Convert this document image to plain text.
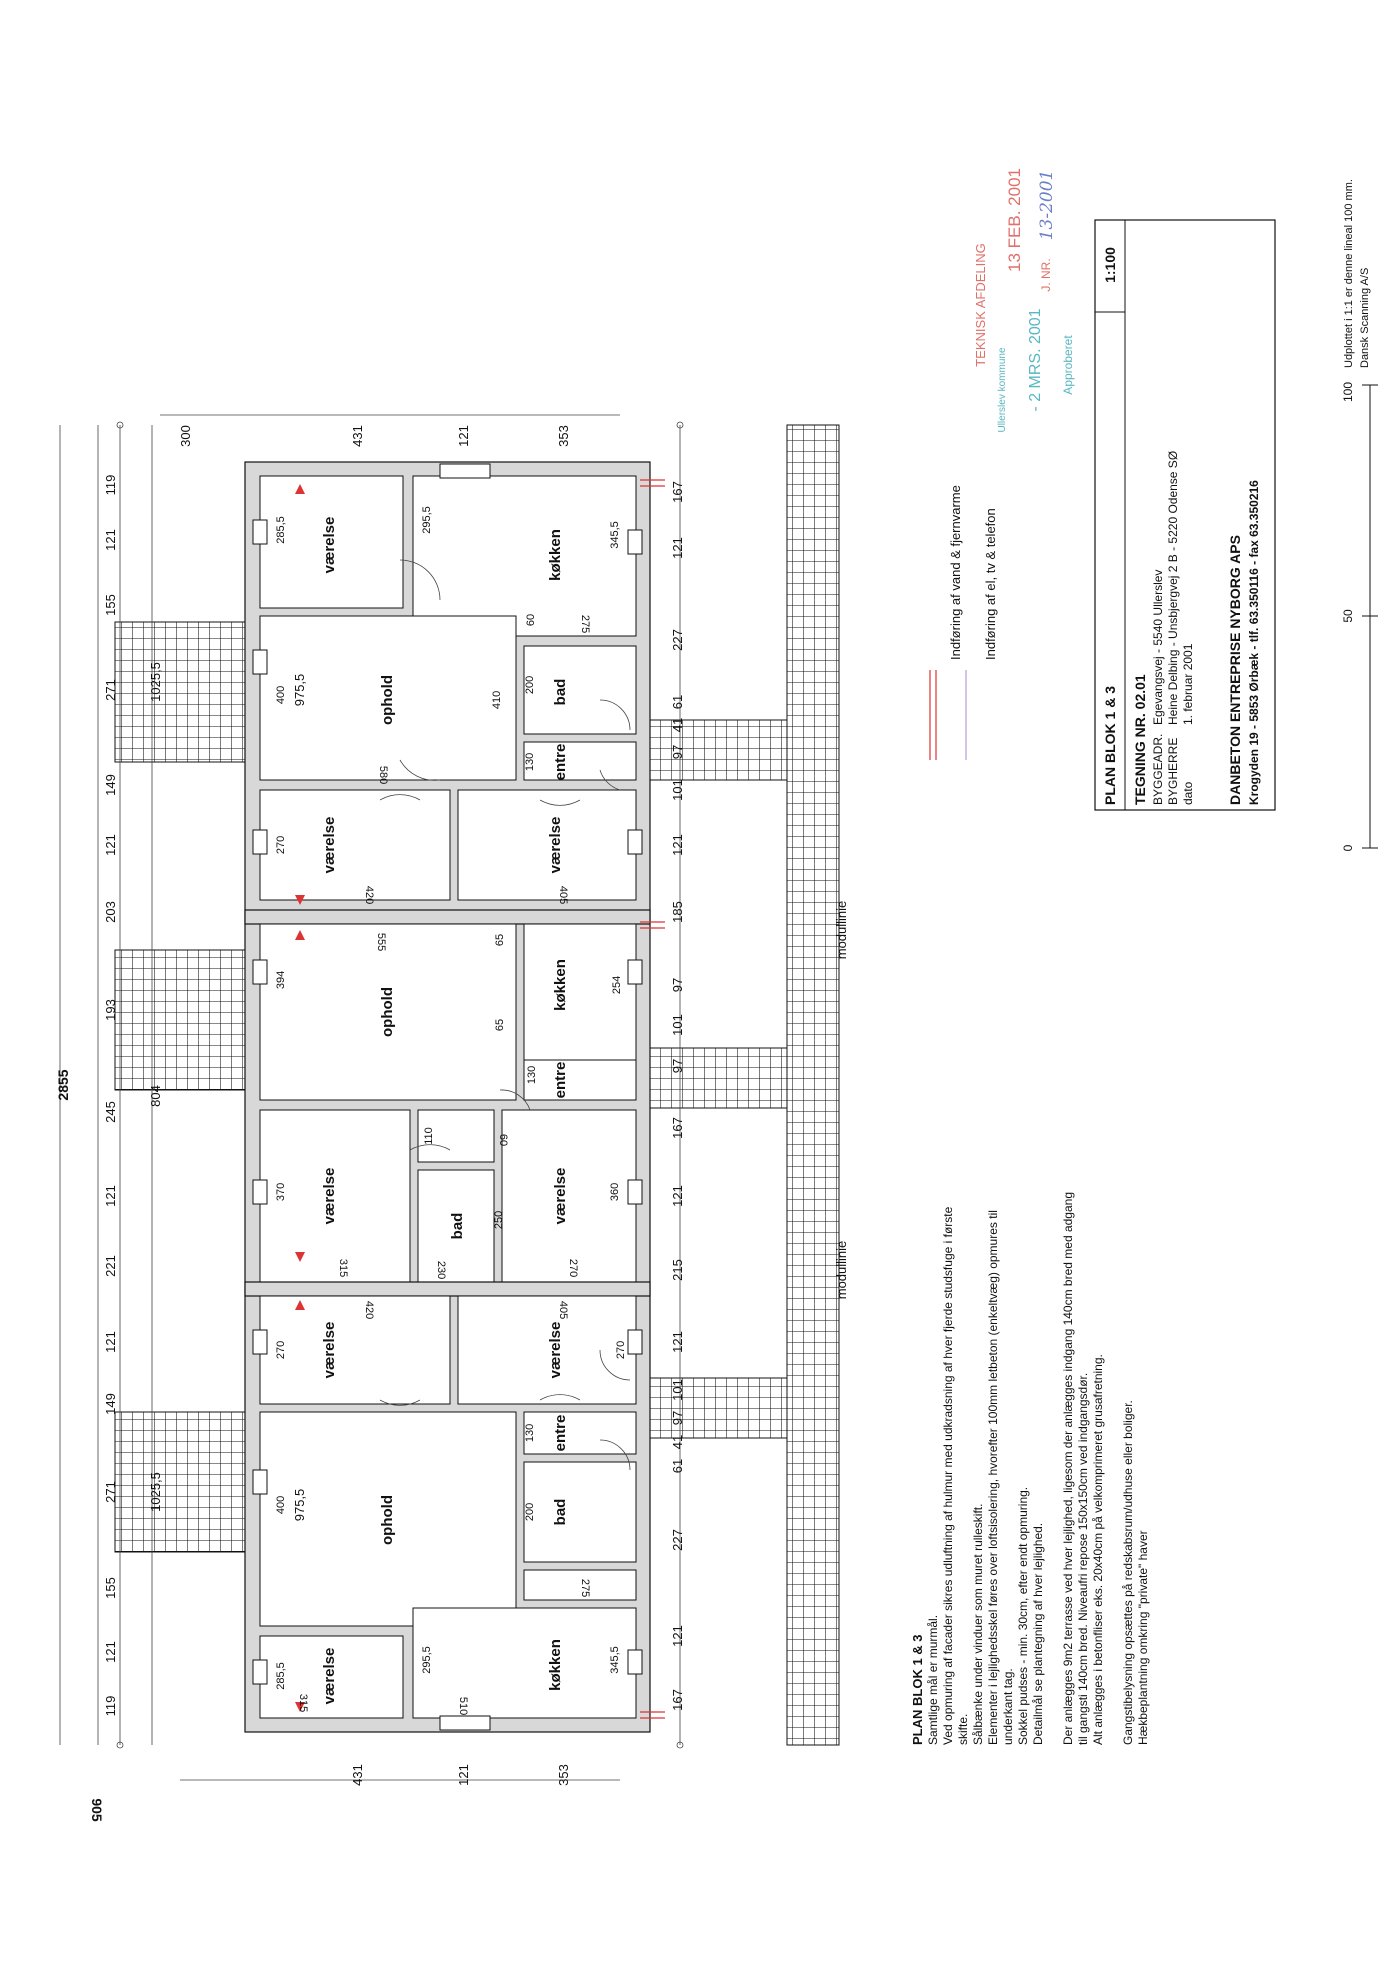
værelse	køkken
ophold	bad
entre
værelse	værelse
ophold
køkken
entre
værelse
bad
værelse
værelse	værelse
entre
ophold	bad
værelse	køkken
285,5	295,5
345,5
400 975,5	410
200
130
60	275
580
270
420	405
394
555	65
65
254
130
370
110	60
250
230
360
315	270
420	405
270	270
130
400 975,5	200
275
285,5
295,5	345,5
315	510
2855
905
804
1025,5
1025,5
119
121
155
271
149
121
203
193
245
121
221
121
149
271
155
121
119
167
121
227
61
41
97
101
121
185
97
101
97
167
121
215
121
101
97
41
61
227
121
167
300	431	121	353
431	121	353
modullinie
modullinie
Indføring af vand & fjernvarme Indføring af el, tv & telefon
TEKNISK AFDELING
13 FEB. 2001
J. NR.
13-2001
Ullerslev kommune - 2 MRS. 2001 Approberet
1:100
PLAN BLOK 1 & 3 TEGNING NR. 02.01 BYGGEADR.
Egevangsvej - 5540 Ullerslev
BYGHERRE
Heine Delbing - Unsbjergvej 2 B - 5220 Odense SØ
dato
1. februar 2001 DANBETON ENTREPRISE NYBORG APS Krogyden 19 - 5853 Ørbæk - tlf. 63.350116 - fax 63.350216
PLAN BLOK 1 & 3 Samtlige mål er murmål. Ved opmuring af facader sikres udluftning af hulmur med udkradsning af hver fjerde studsfuge i første skifte. Sålbænke under vinduer som muret rulleskift. Elementer i lejlighedsskel føres over loftsisolering, hvorefter 100mm letbeton (enkeltvæg) opmures til underkant tag. Sokkel pudses - min. 30cm, efter endt opmuring. Detailmål se plantegning af hver lejlighed. Der anlægges 9m2 terrasse ved hver lejlighed, ligesom der anlægges indgang 140cm bred med adgang til gangsti 140cm bred. Niveaufri repose 150x150cm ved indgangsdør. Alt anlægges i betonfliser eks. 20x40cm på velkomprimeret grusafretning. Gangstibelysning opsættes på redskabsrum/udhuse eller boliger. Hækbeplantning omkring "private" haver
0
50
100
Udplottet i 1:1 er denne lineal 100 mm. Dansk Scanning A/S
